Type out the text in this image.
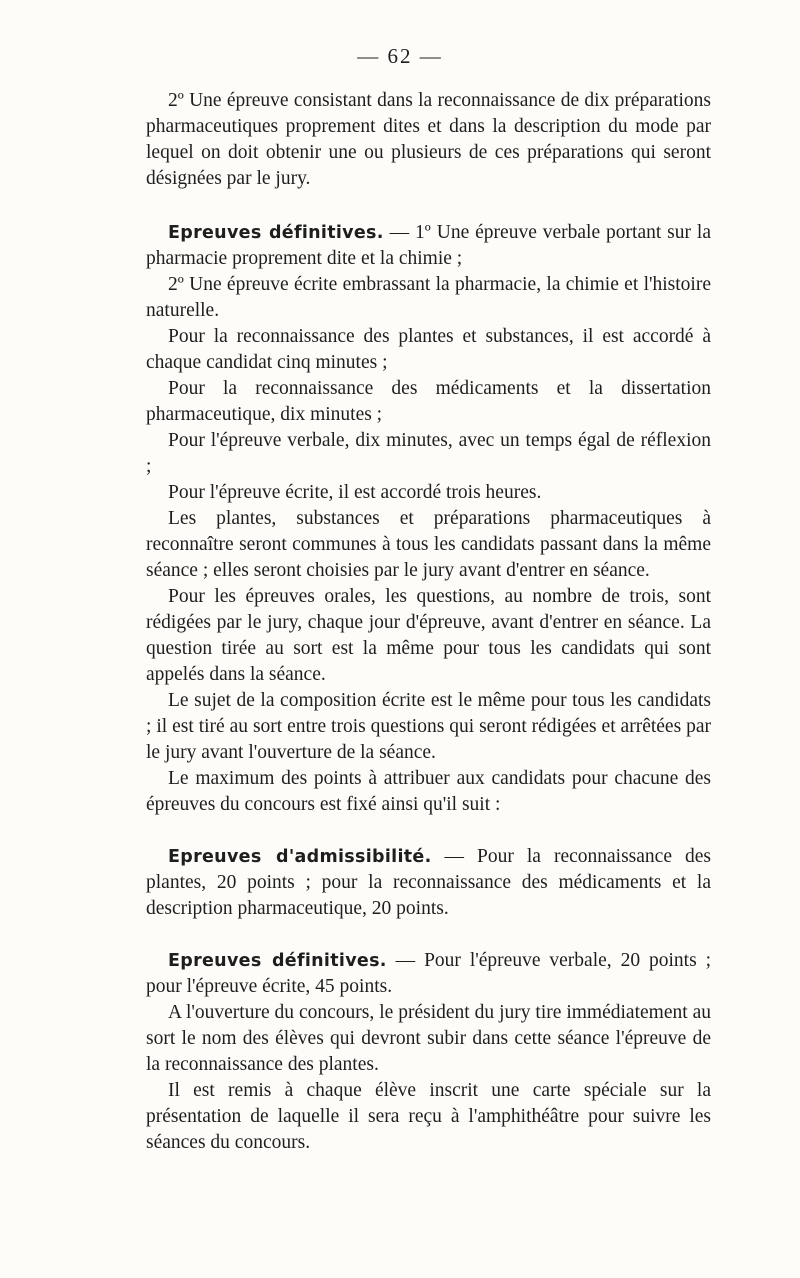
— 62 —

2º Une épreuve consistant dans la reconnaissance de dix préparations pharmaceutiques proprement dites et dans la description du mode par lequel on doit obtenir une ou plusieurs de ces préparations qui seront désignées par le jury.

Epreuves définitives. — 1º Une épreuve verbale portant sur la pharmacie proprement dite et la chimie ;

2º Une épreuve écrite embrassant la pharmacie, la chimie et l'histoire naturelle.

Pour la reconnaissance des plantes et substances, il est accordé à chaque candidat cinq minutes ;

Pour la reconnaissance des médicaments et la dissertation pharmaceutique, dix minutes ;

Pour l'épreuve verbale, dix minutes, avec un temps égal de réflexion ;

Pour l'épreuve écrite, il est accordé trois heures.

Les plantes, substances et préparations pharmaceutiques à reconnaître seront communes à tous les candidats passant dans la même séance ; elles seront choisies par le jury avant d'entrer en séance.

Pour les épreuves orales, les questions, au nombre de trois, sont rédigées par le jury, chaque jour d'épreuve, avant d'entrer en séance. La question tirée au sort est la même pour tous les candidats qui sont appelés dans la séance.

Le sujet de la composition écrite est le même pour tous les candidats ; il est tiré au sort entre trois questions qui seront rédigées et arrêtées par le jury avant l'ouverture de la séance.

Le maximum des points à attribuer aux candidats pour chacune des épreuves du concours est fixé ainsi qu'il suit :

Epreuves d'admissibilité. — Pour la reconnaissance des plantes, 20 points ; pour la reconnaissance des médicaments et la description pharmaceutique, 20 points.

Epreuves définitives. — Pour l'épreuve verbale, 20 points ; pour l'épreuve écrite, 45 points.

A l'ouverture du concours, le président du jury tire immédiatement au sort le nom des élèves qui devront subir dans cette séance l'épreuve de la reconnaissance des plantes.

Il est remis à chaque élève inscrit une carte spéciale sur la présentation de laquelle il sera reçu à l'amphithéâtre pour suivre les séances du concours.
